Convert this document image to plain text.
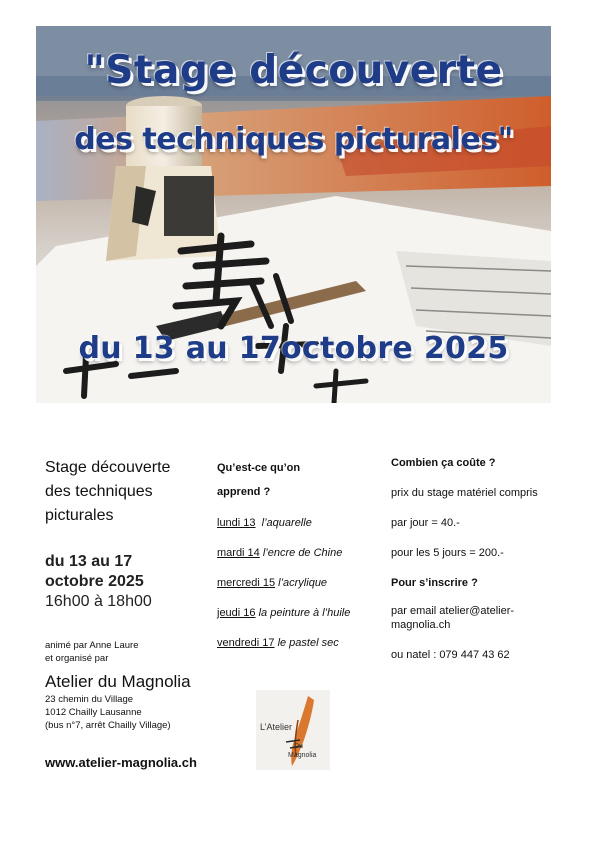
"Stage découverte
des techniques picturales"
du 13 au 17octobre 2025
Stage découverte
des techniques
picturales
du 13 au 17
octobre 2025
16h00 à 18h00
animé par Anne Laure
et organisé par
Atelier du Magnolia
23 chemin du Village
1012 Chailly Lausanne
(bus n°7, arrêt Chailly Village)
www.atelier-magnolia.ch
Qu’est-ce qu’on
apprend ?
lundi 13 l’aquarelle
mardi 14 l’encre de Chine
mercredi 15 l’acrylique
jeudi 16 la peinture à l’huile
vendredi 17 le pastel sec

Combien ça coûte ?

prix du stage matériel compris

par jour = 40.-

pour les 5 jours = 200.-

Pour s’inscrire ?

par email atelier@atelier-

magnolia.ch

ou natel : 079 447 43 62

L’Atelier
Du
Magnolia
